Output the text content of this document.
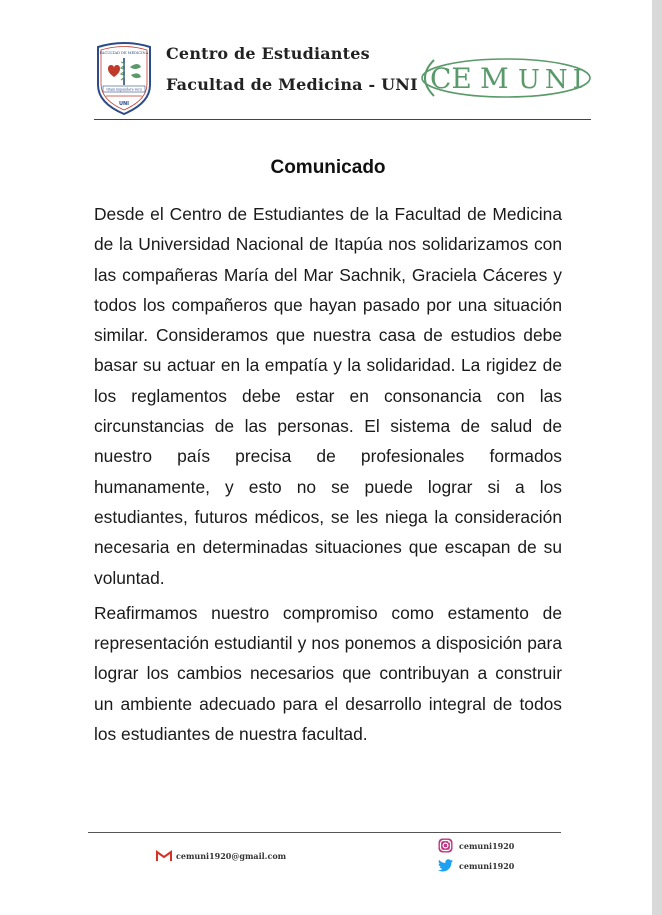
FACULTAD DE MEDICINA
vitam impendere vero
UNI
Centro de Estudiantes
Facultad de Medicina - UNI CE M UNI
Comunicado

Desde el Centro de Estudiantes de la Facultad de Medicina de la Universidad Nacional de Itapúa nos solidarizamos con las compañeras María del Mar Sachnik, Graciela Cáceres y todos los compañeros que hayan pasado por una situación similar. Consideramos que nuestra casa de estudios debe basar su actuar en la empatía y la solidaridad. La rigidez de los reglamentos debe estar en consonancia con las circunstancias de las personas. El sistema de salud de nuestro país precisa de profesionales formados humanamente, y esto no se puede lograr si a los estudiantes, futuros médicos, se les niega la consideración necesaria en determinadas situaciones que escapan de su voluntad.

Reafirmamos nuestro compromiso como estamento de representación estudiantil y nos ponemos a disposición para lograr los cambios necesarios que contribuyan a construir un ambiente adecuado para el desarrollo integral de todos los estudiantes de nuestra facultad.

cemuni1920@gmail.com
cemuni1920
cemuni1920
